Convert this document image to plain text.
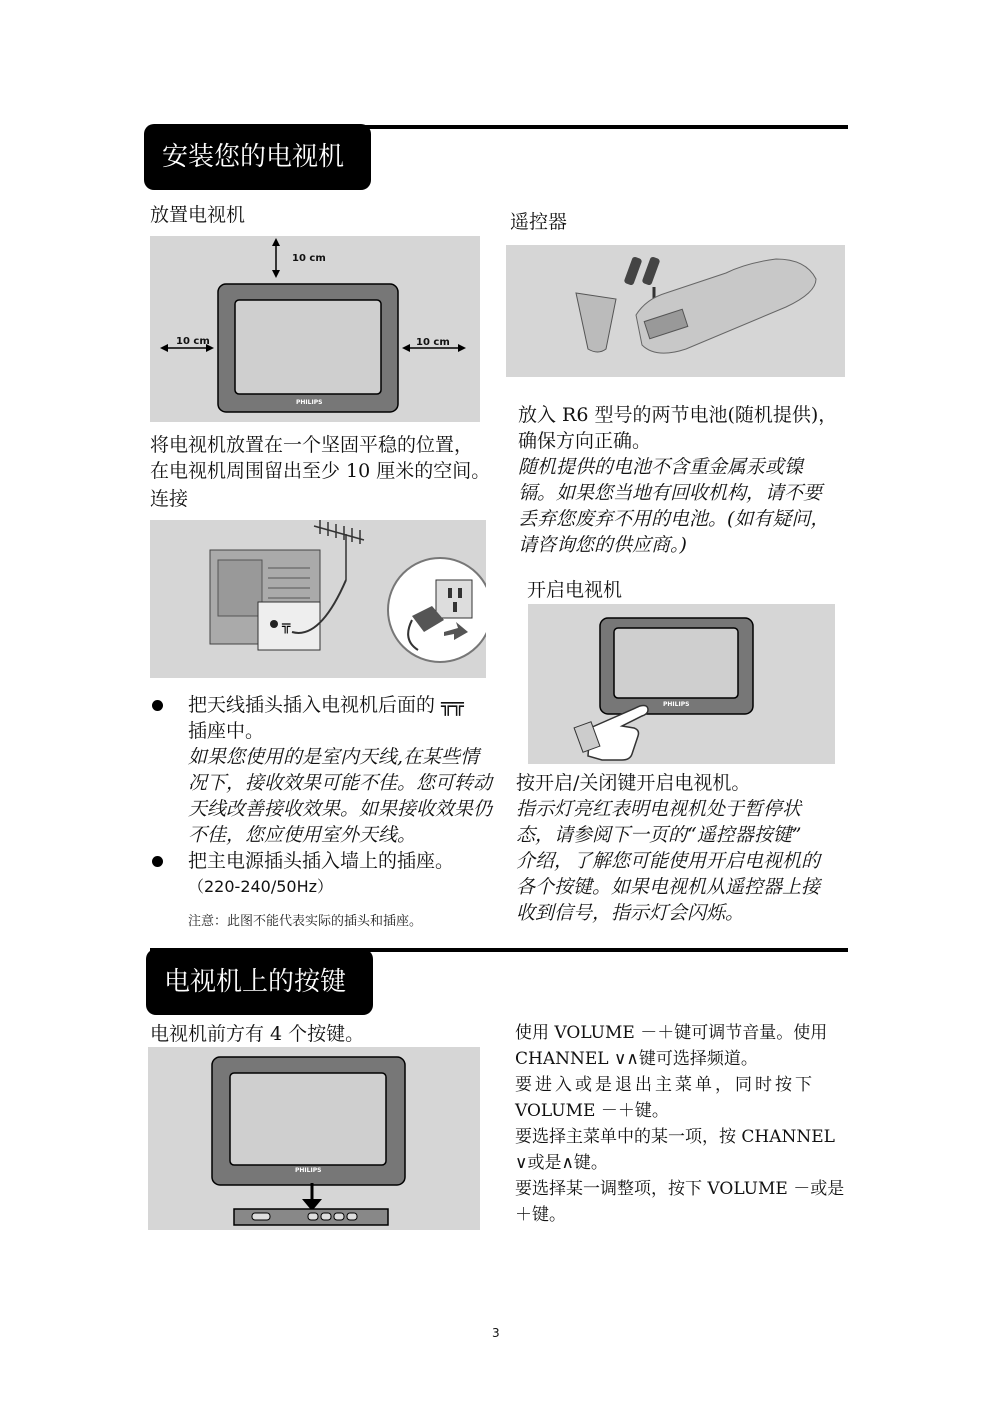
安装您的电视机
放置电视机
10 cm
10 cm	10 cm
PHILIPS

将电视机放置在一个坚固平稳的位置，

在电视机周围留出至少 10 厘米的空间。

连接
╦

把天线插头插入电视机后面的 ╦╦

插座中。

如果您使用的是室内天线,在某些情

况下，接收效果可能不佳。您可转动

天线改善接收效果。如果接收效果仍

不佳，您应使用室外天线。

把主电源插头插入墙上的插座。

（220-240/50Hz）

注意：此图不能代表实际的插头和插座。
遥控器

放入 R6 型号的两节电池(随机提供)，

确保方向正确。

随机提供的电池不含重金属汞或镍

镉。如果您当地有回收机构，请不要

丢弃您废弃不用的电池。(如有疑问，

请咨询您的供应商。)

开启电视机
PHILIPS

按开启/关闭键开启电视机。

指示灯亮红表明电视机处于暂停状

态，请参阅下一页的“遥控器按键”

介绍，了解您可能使用开启电视机的

各个按键。如果电视机从遥控器上接

收到信号，指示灯会闪烁。

电视机上的按键
电视机前方有 4 个按键。
PHILIPS

使用 VOLUME －＋键可调节音量。使用

CHANNEL ∨∧键可选择频道。

要进入或是退出主菜单，同时按下

VOLUME －＋键。

要选择主菜单中的某一项，按 CHANNEL

∨或是∧键。

要选择某一调整项，按下 VOLUME －或是

＋键。

3
